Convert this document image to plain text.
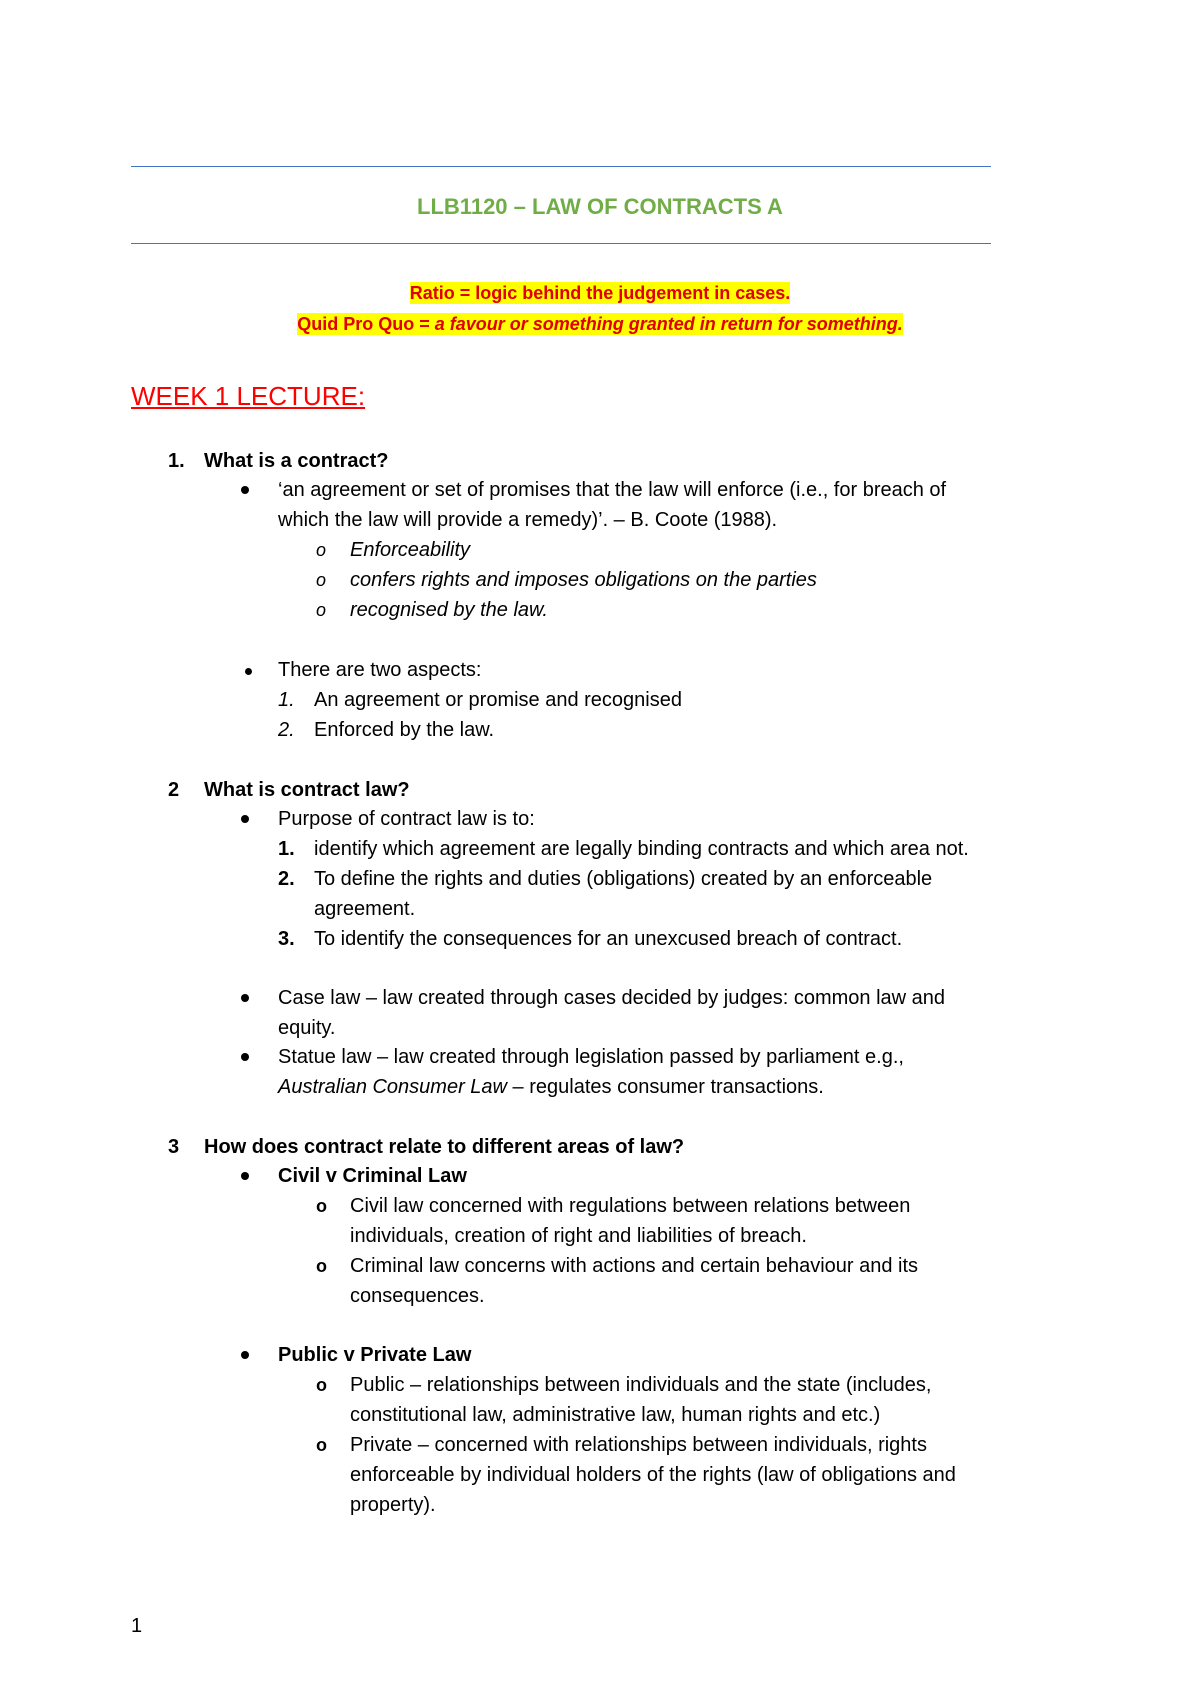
LLB1120 – LAW OF CONTRACTS A
Ratio = logic behind the judgement in cases.
Quid Pro Quo = a favour or something granted in return for something.
WEEK 1 LECTURE:
1. What is a contract?
‘an agreement or set of promises that the law will enforce (i.e., for breach of
which the law will provide a remedy)’. – B. Coote (1988).
o Enforceability
o confers rights and imposes obligations on the parties
o recognised by the law.
There are two aspects:
1. An agreement or promise and recognised
2. Enforced by the law.
2 What is contract law?
Purpose of contract law is to:
1. identify which agreement are legally binding contracts and which area not.
2. To define the rights and duties (obligations) created by an enforceable
agreement.
3. To identify the consequences for an unexcused breach of contract.
Case law – law created through cases decided by judges: common law and
equity.
Statue law – law created through legislation passed by parliament e.g.,
Australian Consumer Law – regulates consumer transactions.
3 How does contract relate to different areas of law?
Civil v Criminal Law
o Civil law concerned with regulations between relations between
individuals, creation of right and liabilities of breach.
o Criminal law concerns with actions and certain behaviour and its
consequences.
Public v Private Law
o Public – relationships between individuals and the state (includes,
constitutional law, administrative law, human rights and etc.)
o Private – concerned with relationships between individuals, rights
enforceable by individual holders of the rights (law of obligations and
property).
1
